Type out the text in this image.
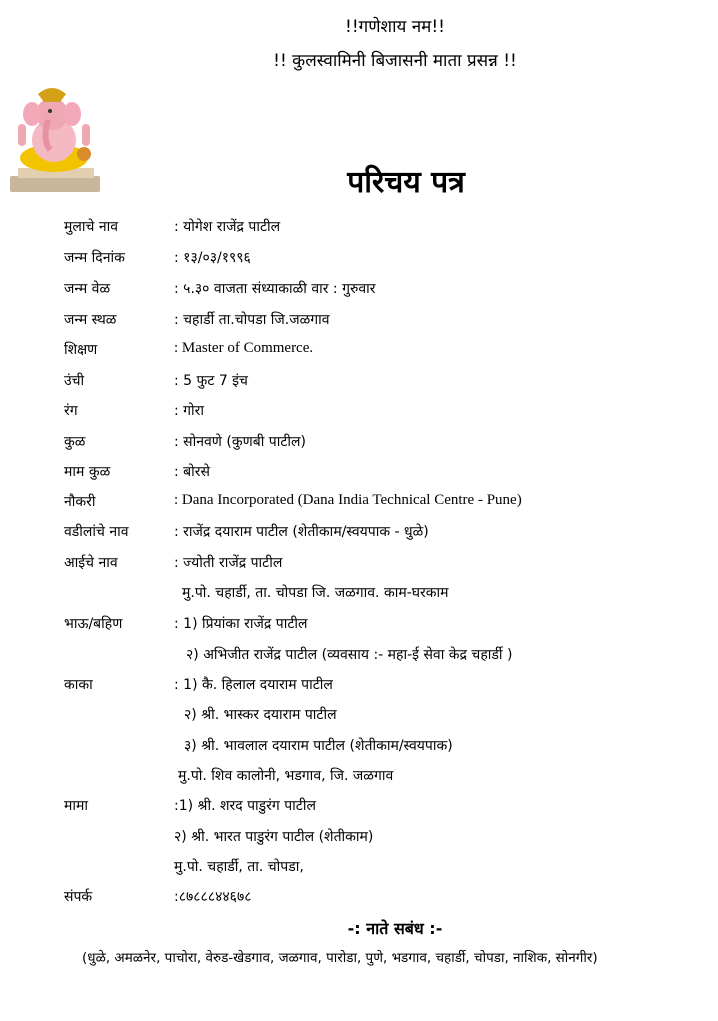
!!गणेशाय नम!!
!! कुलस्वामिनी बिजासनी माता प्रसन्न !!
परिचय पत्र
मुलाचे नाव	: योगेश राजेंद्र पाटील
जन्म दिनांक	: १३/०३/१९९६
जन्म वेळ	: ५.३० वाजता संध्याकाळी वार : गुरुवार
जन्म स्थळ	: चहार्डी ता.चोपडा जि.जळगाव
शिक्षण	: Master of Commerce.
उंची	: 5 फुट 7 इंच
रंग	: गोरा
कुळ	: सोनवणे (कुणबी पाटील)
माम कुळ	: बोरसे
नौकरी	: Dana Incorporated (Dana India Technical Centre - Pune)
वडीलांचे नाव	: राजेंद्र दयाराम पाटील (शेतीकाम/स्वयपाक - धुळे)
आईचे नाव	: ज्योती राजेंद्र पाटील
मु.पो. चहार्डी, ता. चोपडा जि. जळगाव. काम-घरकाम
भाऊ/बहिण	: 1) प्रियांका राजेंद्र पाटील
२) अभिजीत राजेंद्र पाटील (व्यवसाय :- महा-ई सेवा केद्र चहार्डी )
काका	: 1) कै. हिलाल दयाराम पाटील
२) श्री. भास्कर दयाराम पाटील
३) श्री. भावलाल दयाराम पाटील (शेतीकाम/स्वयपाक)
मु.पो. शिव कालोनी, भडगाव, जि. जळगाव
मामा	:1) श्री. शरद पाडुरंग पाटील
२) श्री. भारत पाडुरंग पाटील (शेतीकाम)
मु.पो. चहार्डी, ता. चोपडा,
संपर्क	:८७८८८४४६७८
-: नाते सबंध :-
(धुळे, अमळनेर, पाचोरा, वेरुड-खेडगाव, जळगाव, पारोडा, पुणे, भडगाव, चहार्डी, चोपडा, नाशिक, सोनगीर)
